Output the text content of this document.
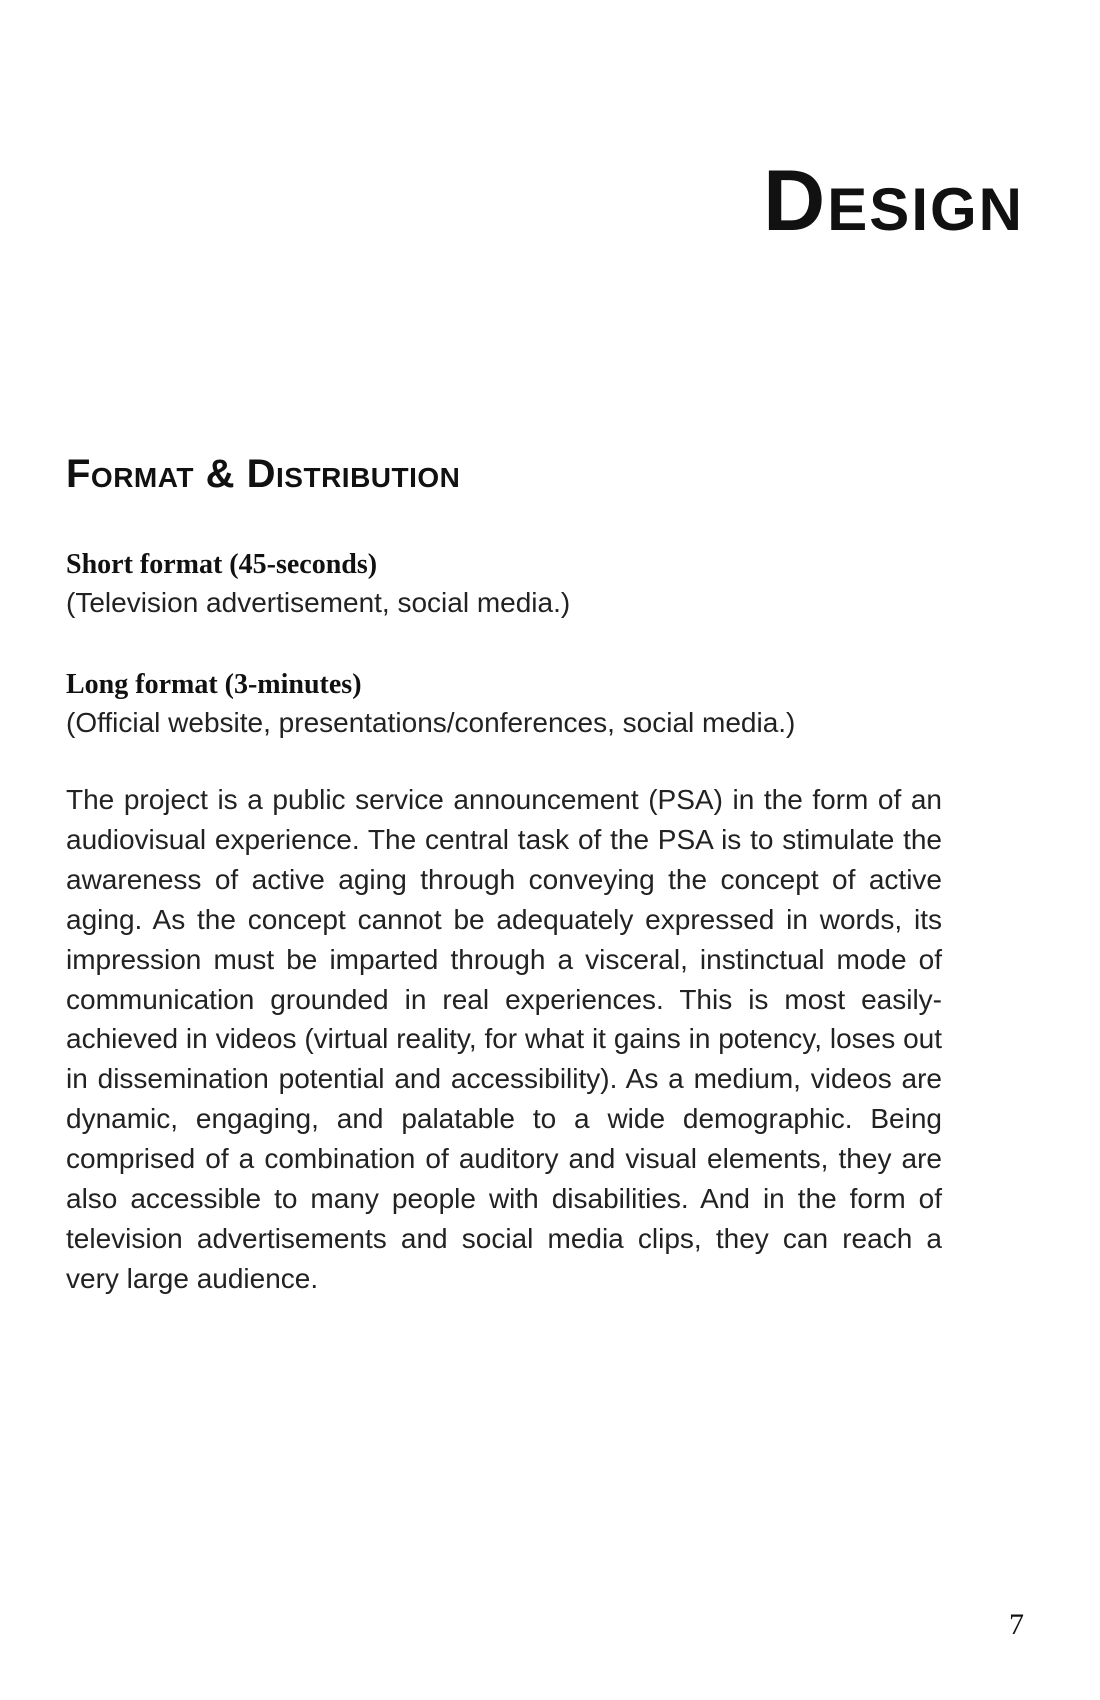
Design
Format & Distribution

Short format (45-seconds)

(Television advertisement, social media.)

Long format (3-minutes)

(Official website, presentations/conferences, social media.)

The project is a public service announcement (PSA) in the form of an audiovisual experience. The central task of the PSA is to stimulate the awareness of active aging through conveying the concept of active aging. As the concept cannot be adequately expressed in words, its impression must be imparted through a visceral, instinctual mode of communication grounded in real experiences. This is most easily-achieved in videos (virtual reality, for what it gains in potency, loses out in dissemination potential and accessibility). As a medium, videos are dynamic, engaging, and palatable to a wide demographic. Being comprised of a combination of auditory and visual elements, they are also accessible to many people with disabilities. And in the form of television advertisements and social media clips, they can reach a very large audience.

7
